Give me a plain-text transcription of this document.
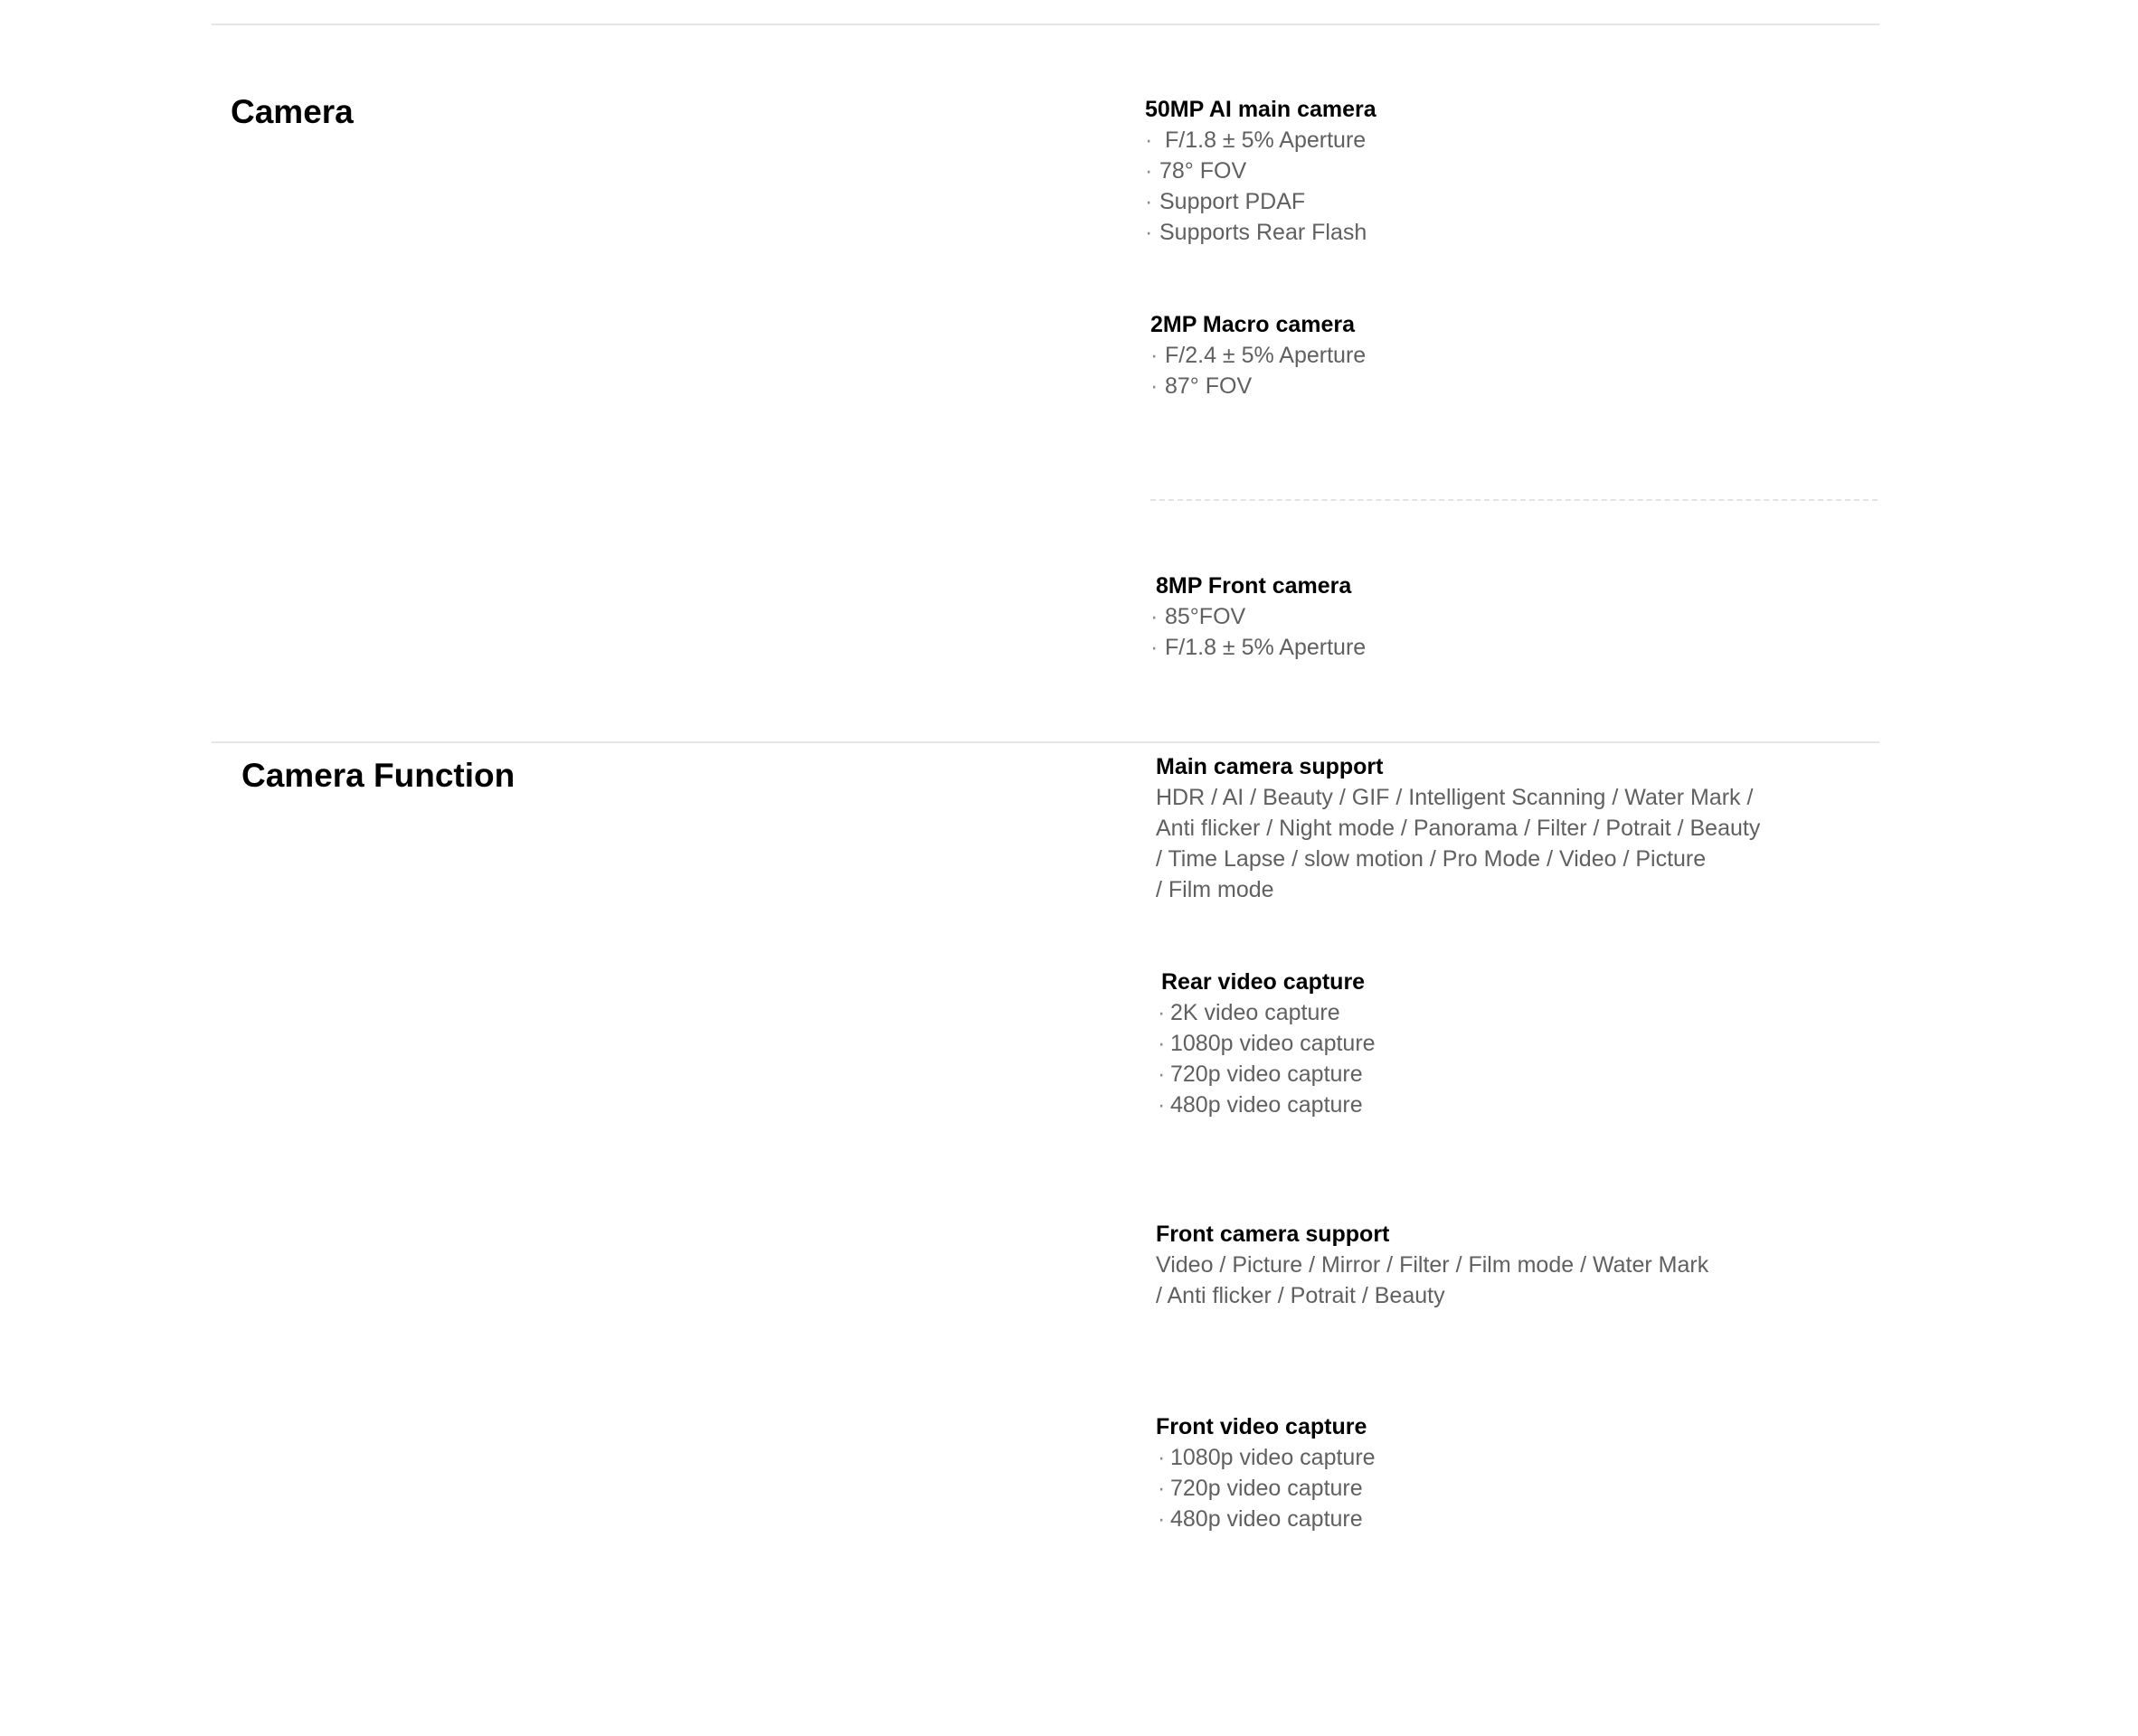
Camera	50MP AI main camera
· F/1.8 ± 5% Aperture
· 78° FOV
· Support PDAF
· Supports Rear Flash
2MP Macro camera
· F/2.4 ± 5% Aperture
· 87° FOV
8MP Front camera
· 85°FOV
· F/1.8 ± 5% Aperture
Camera Function	Main camera support

HDR / AI / Beauty / GIF / Intelligent Scanning / Water Mark /
Anti flicker / Night mode / Panorama / Filter / Potrait / Beauty
/ Time Lapse / slow motion / Pro Mode / Video / Picture
/ Film mode

Rear video capture
· 2K video capture
· 1080p video capture
· 720p video capture
· 480p video capture
Front camera support

Video / Picture / Mirror / Filter / Film mode / Water Mark
/ Anti flicker / Potrait / Beauty

Front video capture
· 1080p video capture
· 720p video capture
· 480p video capture
